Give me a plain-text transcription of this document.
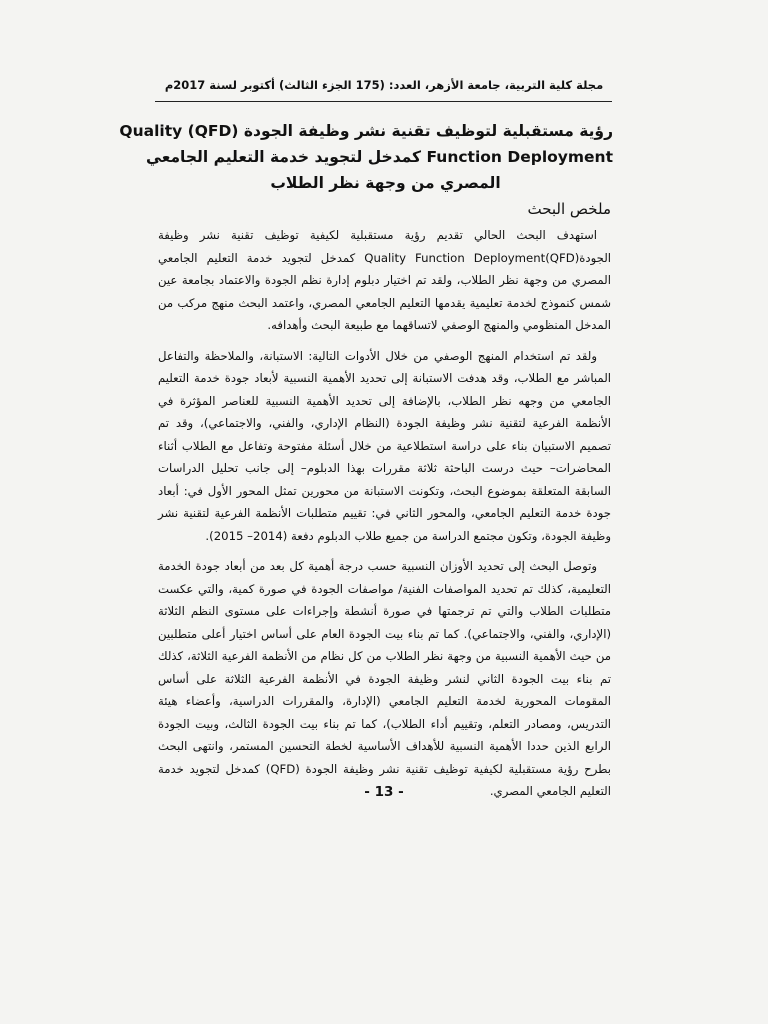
مجلة كلية التربية، جامعة الأزهر، العدد: (175 الجزء الثالث) أكتوبر لسنة 2017م
رؤية مستقبلية لتوظيف تقنية نشر وظيفة الجودة (QFD) Quality
Function Deployment كمدخل لتجويد خدمة التعليم الجامعي
المصري من وجهة نظر الطلاب
ملخص البحث

استهدف البحث الحالي تقديم رؤية مستقبلية لكيفية توظيف تقنية نشر وظيفة الجودة(Quality Function Deployment(QFD كمدخل لتجويد خدمة التعليم الجامعي المصري من وجهة نظر الطلاب، ولقد تم اختيار دبلوم إدارة نظم الجودة والاعتماد بجامعة عين شمس كنموذج لخدمة تعليمية يقدمها التعليم الجامعي المصري، واعتمد البحث منهج مركب من المدخل المنظومي والمنهج الوصفي لاتساقهما مع طبيعة البحث وأهدافه.

ولقد تم استخدام المنهج الوصفي من خلال الأدوات التالية: الاستبانة، والملاحظة والتفاعل المباشر مع الطلاب، وقد هدفت الاستبانة إلى تحديد الأهمية النسبية لأبعاد جودة خدمة التعليم الجامعي من وجهه نظر الطلاب، بالإضافة إلى تحديد الأهمية النسبية للعناصر المؤثرة في الأنظمة الفرعية لتقنية نشر وظيفة الجودة (النظام الإداري، والفني، والاجتماعي)، وقد تم تصميم الاستبيان بناء على دراسة استطلاعية من خلال أسئلة مفتوحة وتفاعل مع الطلاب أثناء المحاضرات– حيث درست الباحثة ثلاثة مقررات بهذا الدبلوم– إلى جانب تحليل الدراسات السابقة المتعلقة بموضوع البحث، وتكونت الاستبانة من محورين تمثل المحور الأول في: أبعاد جودة خدمة التعليم الجامعي، والمحور الثاني في: تقييم متطلبات الأنظمة الفرعية لتقنية نشر وظيفة الجودة، وتكون مجتمع الدراسة من جميع طلاب الدبلوم دفعة (2014– 2015).

وتوصل البحث إلى تحديد الأوزان النسبية حسب درجة أهمية كل بعد من أبعاد جودة الخدمة التعليمية، كذلك تم تحديد المواصفات الفنية/ مواصفات الجودة في صورة كمية، والتي عكست متطلبات الطلاب والتي تم ترجمتها في صورة أنشطة وإجراءات على مستوى النظم الثلاثة (الإداري، والفني، والاجتماعي). كما تم بناء بيت الجودة العام على أساس اختيار أعلى متطلبين من حيث الأهمية النسبية من وجهة نظر الطلاب من كل نظام من الأنظمة الفرعية الثلاثة، كذلك تم بناء بيت الجودة الثاني لنشر وظيفة الجودة في الأنظمة الفرعية الثلاثة على أساس المقومات المحورية لخدمة التعليم الجامعي (الإدارة، والمقررات الدراسية، وأعضاء هيئة التدريس، ومصادر التعلم، وتقييم أداء الطلاب)، كما تم بناء بيت الجودة الثالث، وبيت الجودة الرابع الذين حددا الأهمية النسبية للأهداف الأساسية لخطة التحسين المستمر، وانتهى البحث بطرح رؤية مستقبلية لكيفية توظيف تقنية نشر وظيفة الجودة (QFD) كمدخل لتجويد خدمة التعليم الجامعي المصري.

- 13 -
